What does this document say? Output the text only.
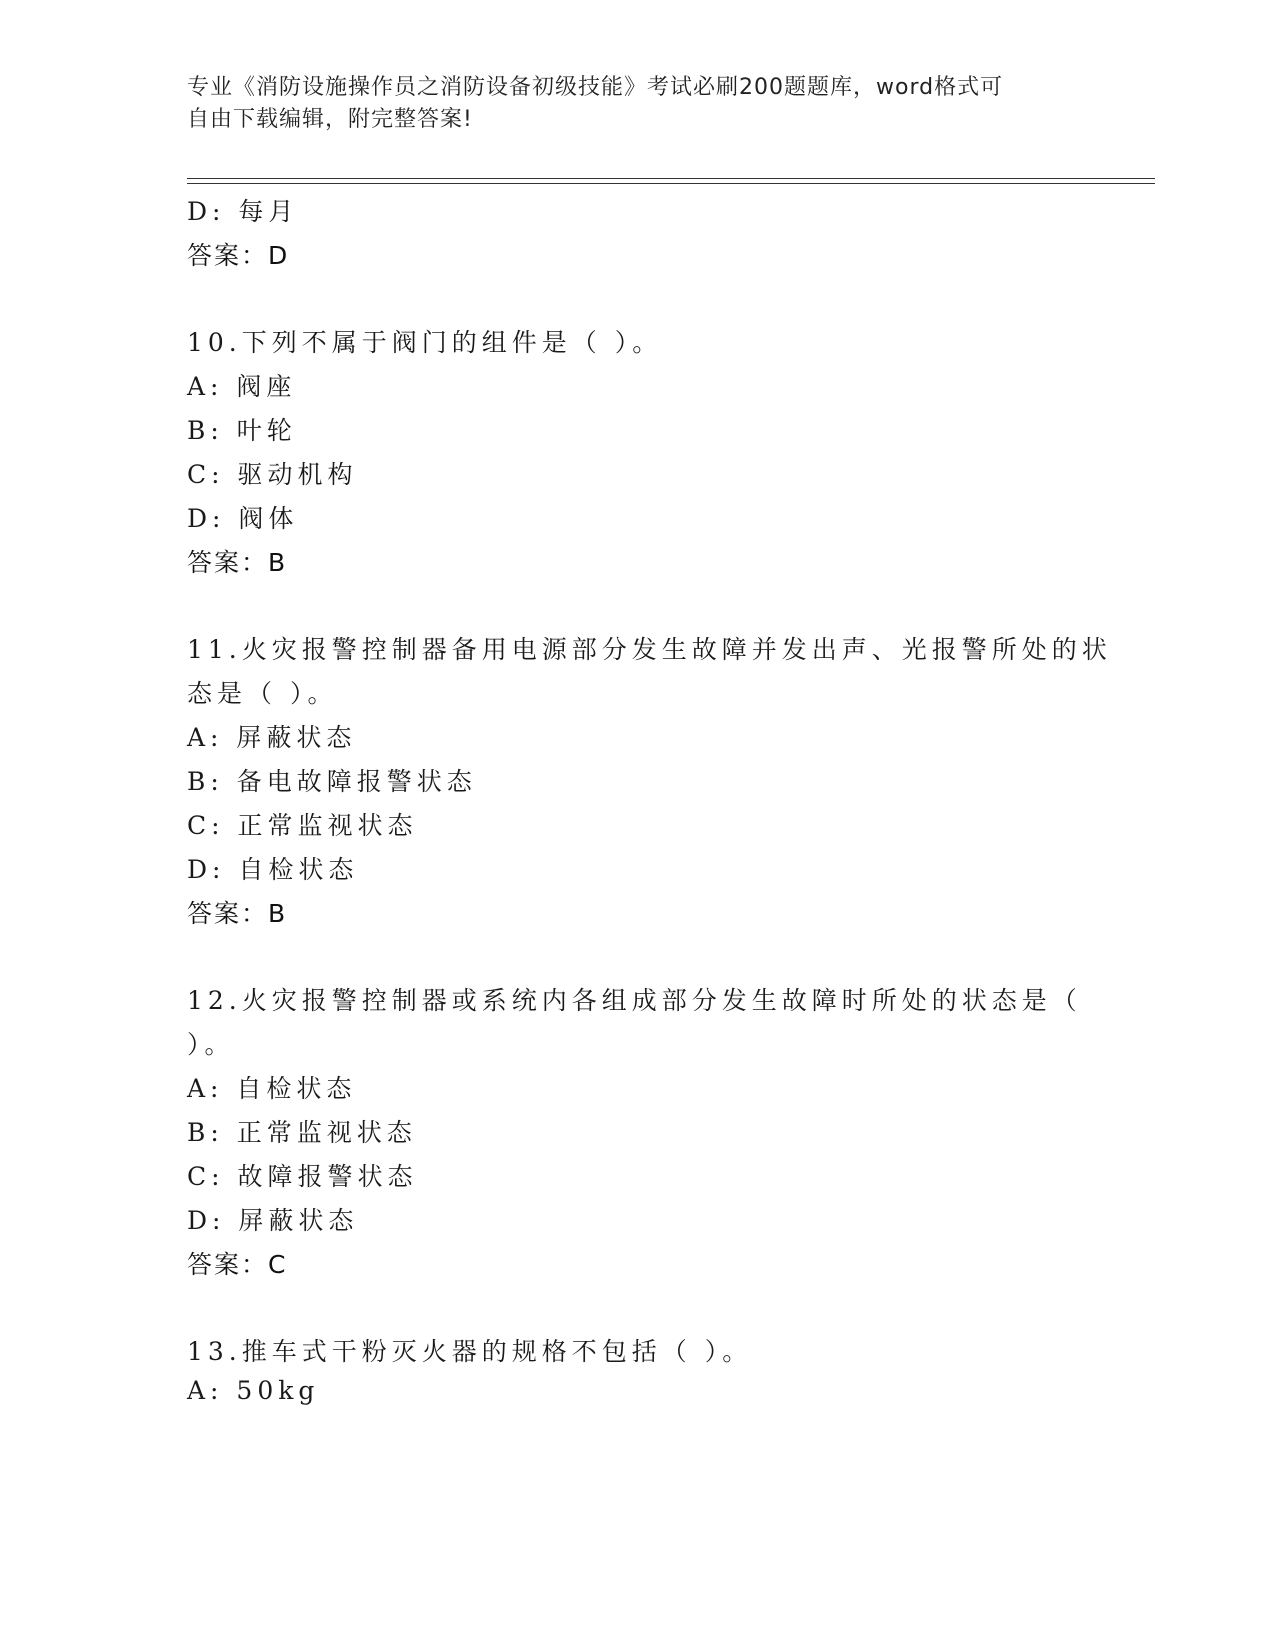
专业《消防设施操作员之消防设备初级技能》考试必刷200题题库，word格式可
自由下载编辑，附完整答案!
D: 每月
答案：D
10.下列不属于阀门的组件是（ ）。
A: 阀座
B: 叶轮
C: 驱动机构
D: 阀体
答案：B
11.火灾报警控制器备用电源部分发生故障并发出声、光报警所处的状
态是（ ）。
A: 屏蔽状态
B: 备电故障报警状态
C: 正常监视状态
D: 自检状态
答案：B
12.火灾报警控制器或系统内各组成部分发生故障时所处的状态是（
）。
A: 自检状态
B: 正常监视状态
C: 故障报警状态
D: 屏蔽状态
答案：C
13.推车式干粉灭火器的规格不包括（ ）。
A: 50kg
